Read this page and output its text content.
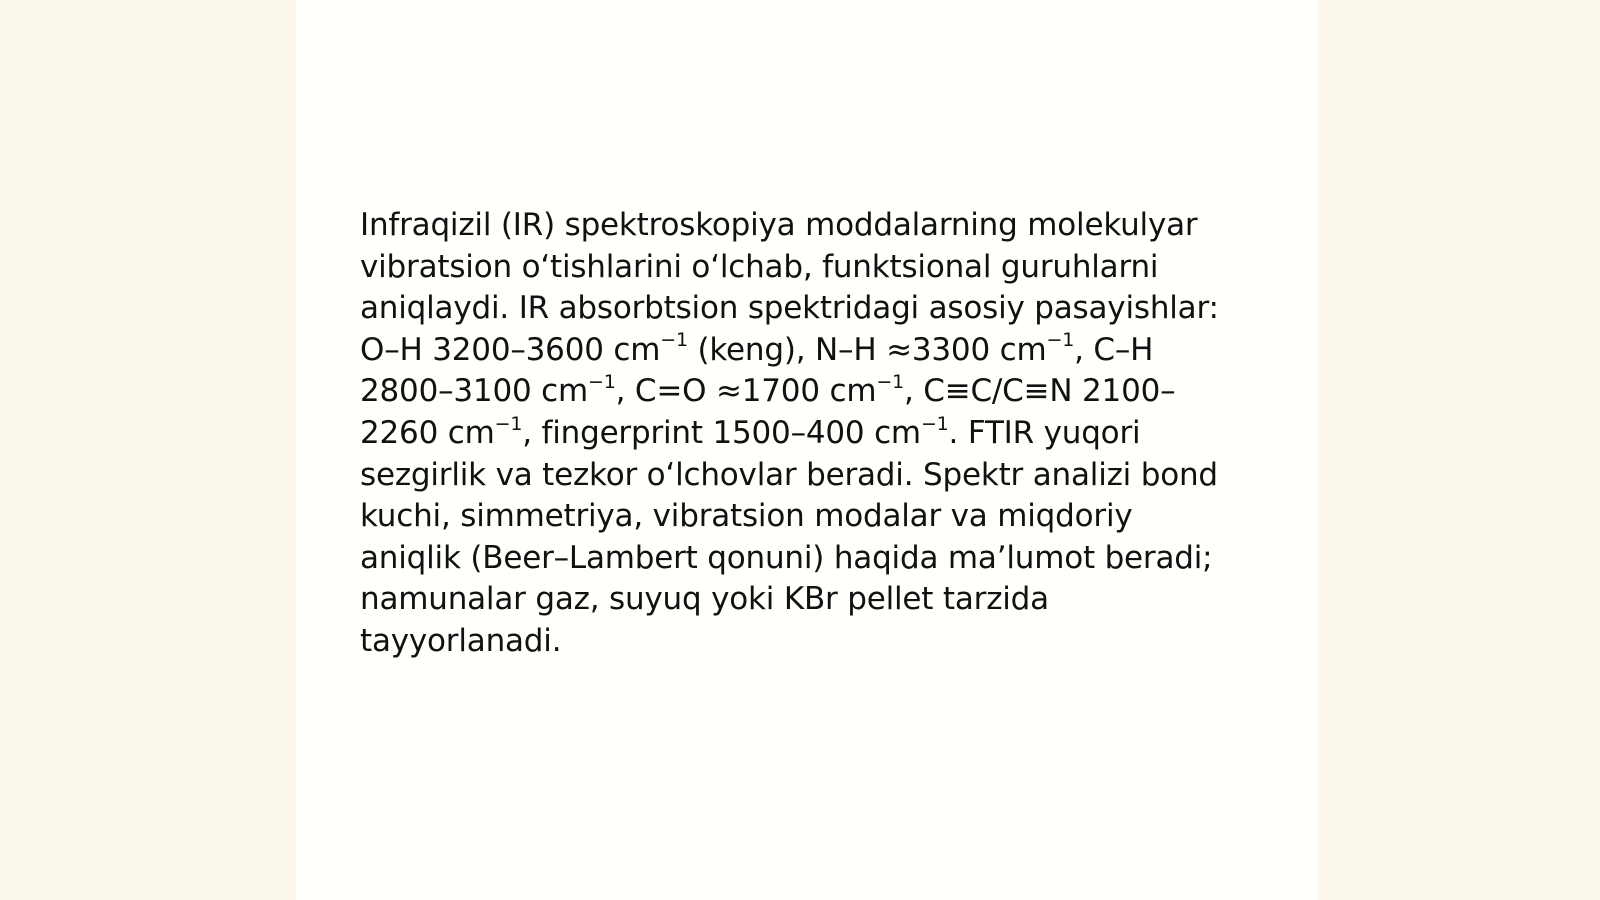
Infraqizil (IR) spektroskopiya moddalarning molekulyar vibratsion o‘tishlarini o‘lchab, funktsional guruhlarni aniqlaydi. IR absorbtsion spektridagi asosiy pasayishlar: O–H 3200–3600 $cm^{-1}$ (keng), N–H ≈3300 $cm^{-1}$, C–H 2800–3100 $cm^{-1}$, C=O ≈1700 $cm^{-1}$, C≡C/C≡N 2100–2260 $cm^{-1}$, fingerprint 1500–400 $cm^{-1}$. FTIR yuqori sezgirlik va tezkor o‘lchovlar beradi. Spektr analizi bond kuchi, simmetriya, vibratsion modalar va miqdoriy aniqlik (Beer–Lambert qonuni) haqida ma’lumot beradi; namunalar gaz, suyuq yoki KBr pellet tarzida tayyorlanadi.
